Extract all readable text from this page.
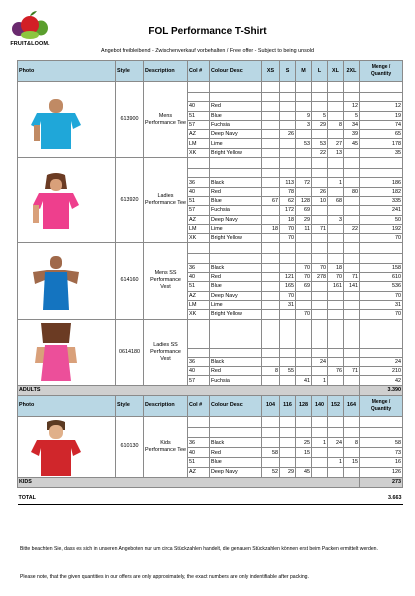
FRUIT&LOOM.
FOL Performance T-Shirt
Angebot freibleibend - Zwischenverkauf vorbehalten / Free offer - Subject to being unsold
Photo	Style	Description	Col #	Colour Desc	XS	S	M	L	XL	2XL	Menge / Quantity

	613900	Mens Performance Tee									

			40	Red						12	12
			51	Blue			9	5		5	19
			57	Fuchsia			3	29	8	34	74
			AZ	Deep Navy		26				39	65
			LM	Lime			53	53	27	45	178
			XK	Bright Yellow				22	13		35

	613920	Ladies Performance Tee									

			36	Black		113	72		1		186
			40	Red		78		26		80	182
			51	Blue	67	62	128	10	68		335
			57	Fuchsia		172	69				241
			AZ	Deep Navy		18	29		3		50
			LM	Lime	18	70	11	71		22	192
			XK	Bright Yellow		70					70

	614160	Mens SS Performance Vest									

			36	Black			70	70	18		158
			40	Red		121	70	278	70	71	610
			51	Blue		165	69		161	141	536
			AZ	Deep Navy		70					70
			LM	Lime		31					31
			XK	Bright Yellow			70				70

	0614180	Ladies SS Performance Vest									

			36	Black				24			24
			40	Red	8	55			76	71	210
			57	Fuchsia			41	1			42
ADULTS											3.390
Photo	Style	Description	Col #	Colour Desc	104	116	128	140	152	164	Menge / Quantity

	610130	Kids Performance Tee									

			36	Black			25	1	24	8	58
			40	Red	58		15				73
			51	Blue					1	15	16
			AZ	Deep Navy	52	29	45				126
KIDS											273

TOTAL											3.663
Bitte beachten Sie, dass es sich in unseren Angeboten nur um circa Stückzahlen handelt, die genauen Stückzahlen können erst beim Packen ermittelt werden.
Please note, that the given quantities in our offers are only approximately, the exact numbers are only indentifiable after packing.
